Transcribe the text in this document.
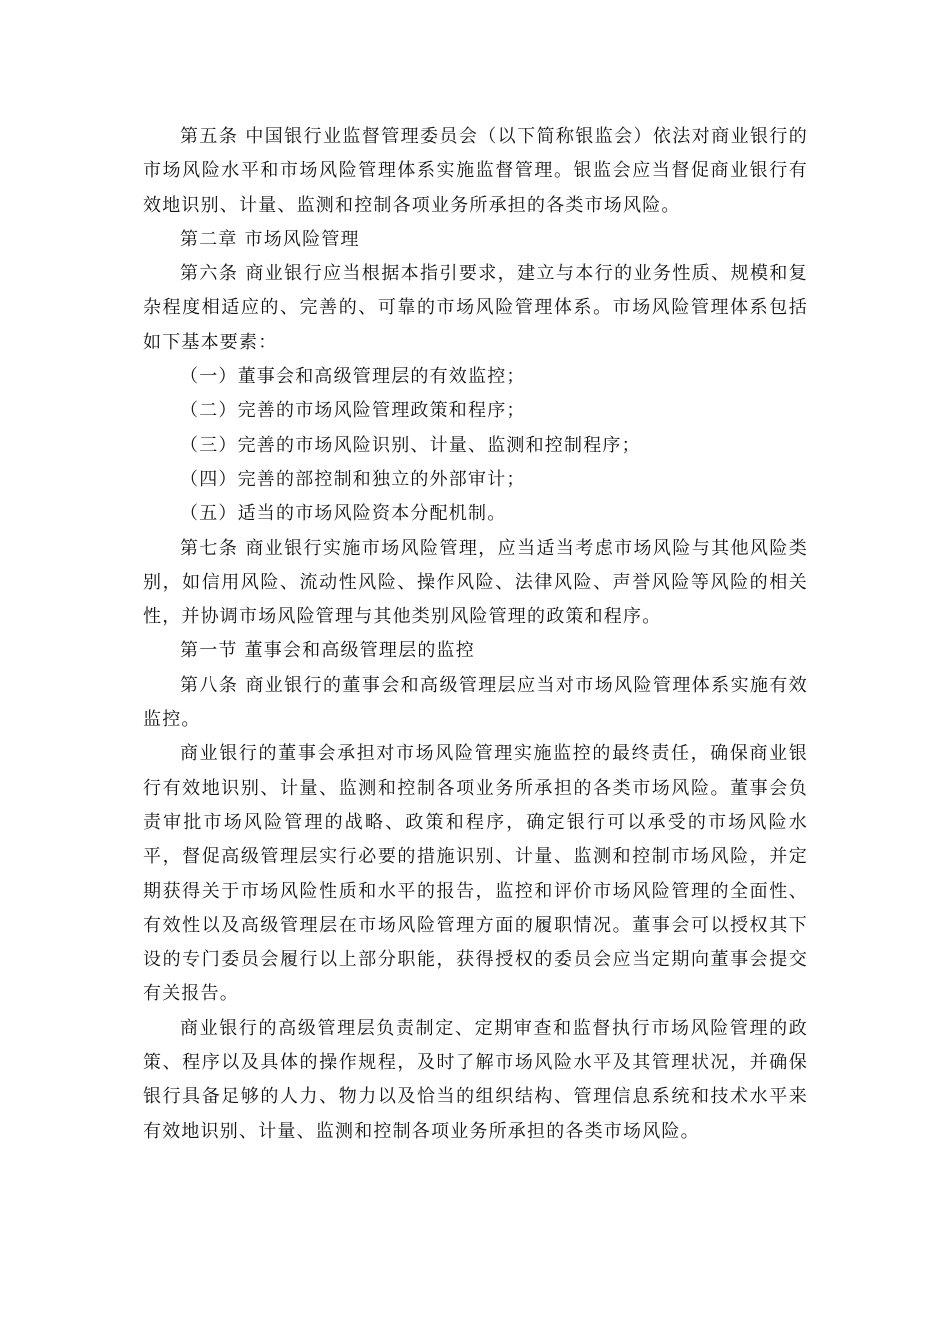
第五条 中国银行业监督管理委员会（以下简称银监会）依法对商业银行的市场风险水平和市场风险管理体系实施监督管理。银监会应当督促商业银行有效地识别、计量、监测和控制各项业务所承担的各类市场风险。

第二章 市场风险管理

第六条 商业银行应当根据本指引要求，建立与本行的业务性质、规模和复杂程度相适应的、完善的、可靠的市场风险管理体系。市场风险管理体系包括如下基本要素：

（一）董事会和高级管理层的有效监控；

（二）完善的市场风险管理政策和程序；

（三）完善的市场风险识别、计量、监测和控制程序；

（四）完善的部控制和独立的外部审计；

（五）适当的市场风险资本分配机制。

第七条 商业银行实施市场风险管理，应当适当考虑市场风险与其他风险类别，如信用风险、流动性风险、操作风险、法律风险、声誉风险等风险的相关性，并协调市场风险管理与其他类别风险管理的政策和程序。

第一节 董事会和高级管理层的监控

第八条 商业银行的董事会和高级管理层应当对市场风险管理体系实施有效监控。

商业银行的董事会承担对市场风险管理实施监控的最终责任，确保商业银行有效地识别、计量、监测和控制各项业务所承担的各类市场风险。董事会负责审批市场风险管理的战略、政策和程序，确定银行可以承受的市场风险水平，督促高级管理层实行必要的措施识别、计量、监测和控制市场风险，并定期获得关于市场风险性质和水平的报告，监控和评价市场风险管理的全面性、有效性以及高级管理层在市场风险管理方面的履职情况。董事会可以授权其下设的专门委员会履行以上部分职能，获得授权的委员会应当定期向董事会提交有关报告。

商业银行的高级管理层负责制定、定期审查和监督执行市场风险管理的政策、程序以及具体的操作规程，及时了解市场风险水平及其管理状况，并确保银行具备足够的人力、物力以及恰当的组织结构、管理信息系统和技术水平来有效地识别、计量、监测和控制各项业务所承担的各类市场风险。
